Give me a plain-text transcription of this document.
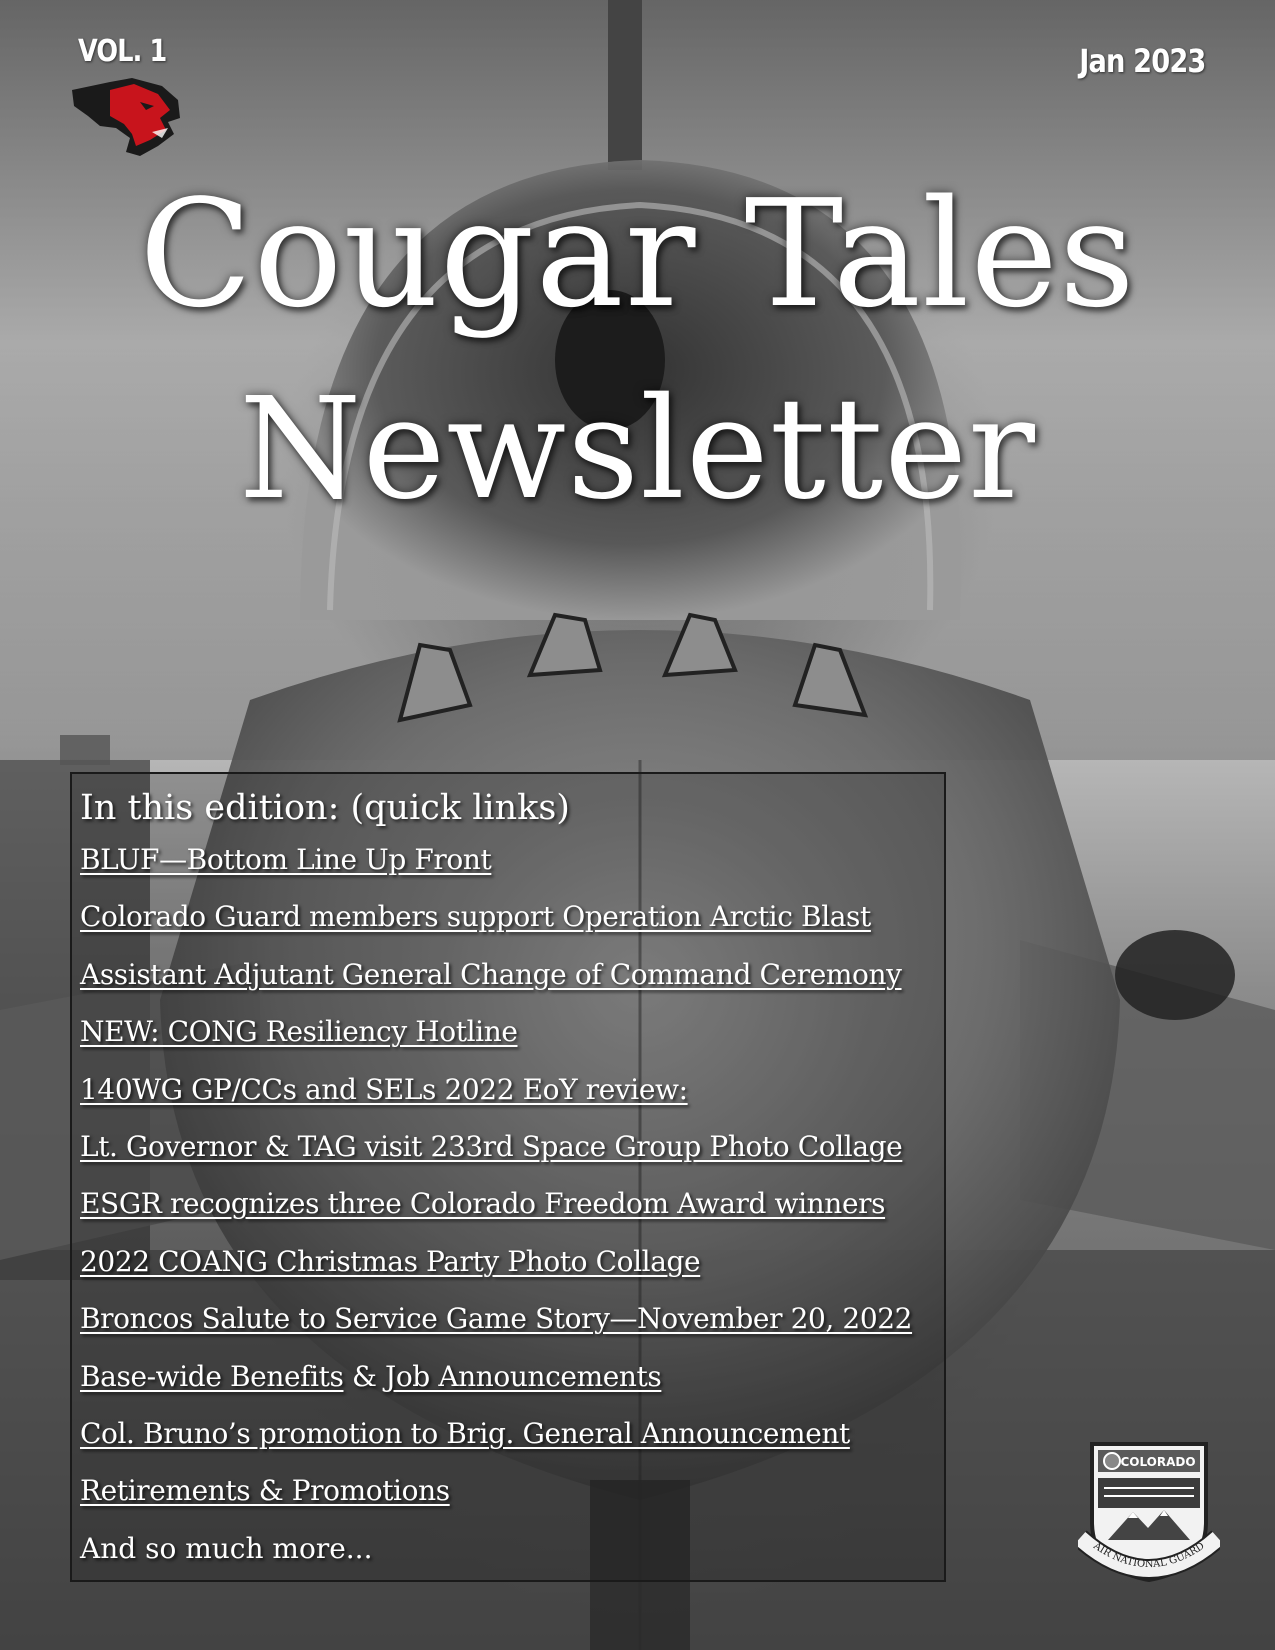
VOL. 1	Jan 2023
Cougar Tales
Newsletter
In this edition: (quick links)
BLUF—Bottom Line Up Front
Colorado Guard members support Operation Arctic Blast
Assistant Adjutant General Change of Command Ceremony
NEW: CONG Resiliency Hotline
140WG GP/CCs and SELs 2022 EoY review:
Lt. Governor & TAG visit 233rd Space Group Photo Collage
ESGR recognizes three Colorado Freedom Award winners
2022 COANG Christmas Party Photo Collage
Broncos Salute to Service Game Story—November 20, 2022
Base-wide Benefits & Job Announcements
Col. Bruno’s promotion to Brig. General Announcement
Retirements & Promotions
And so much more...
COLORADO
AIR NATIONAL GUARD
